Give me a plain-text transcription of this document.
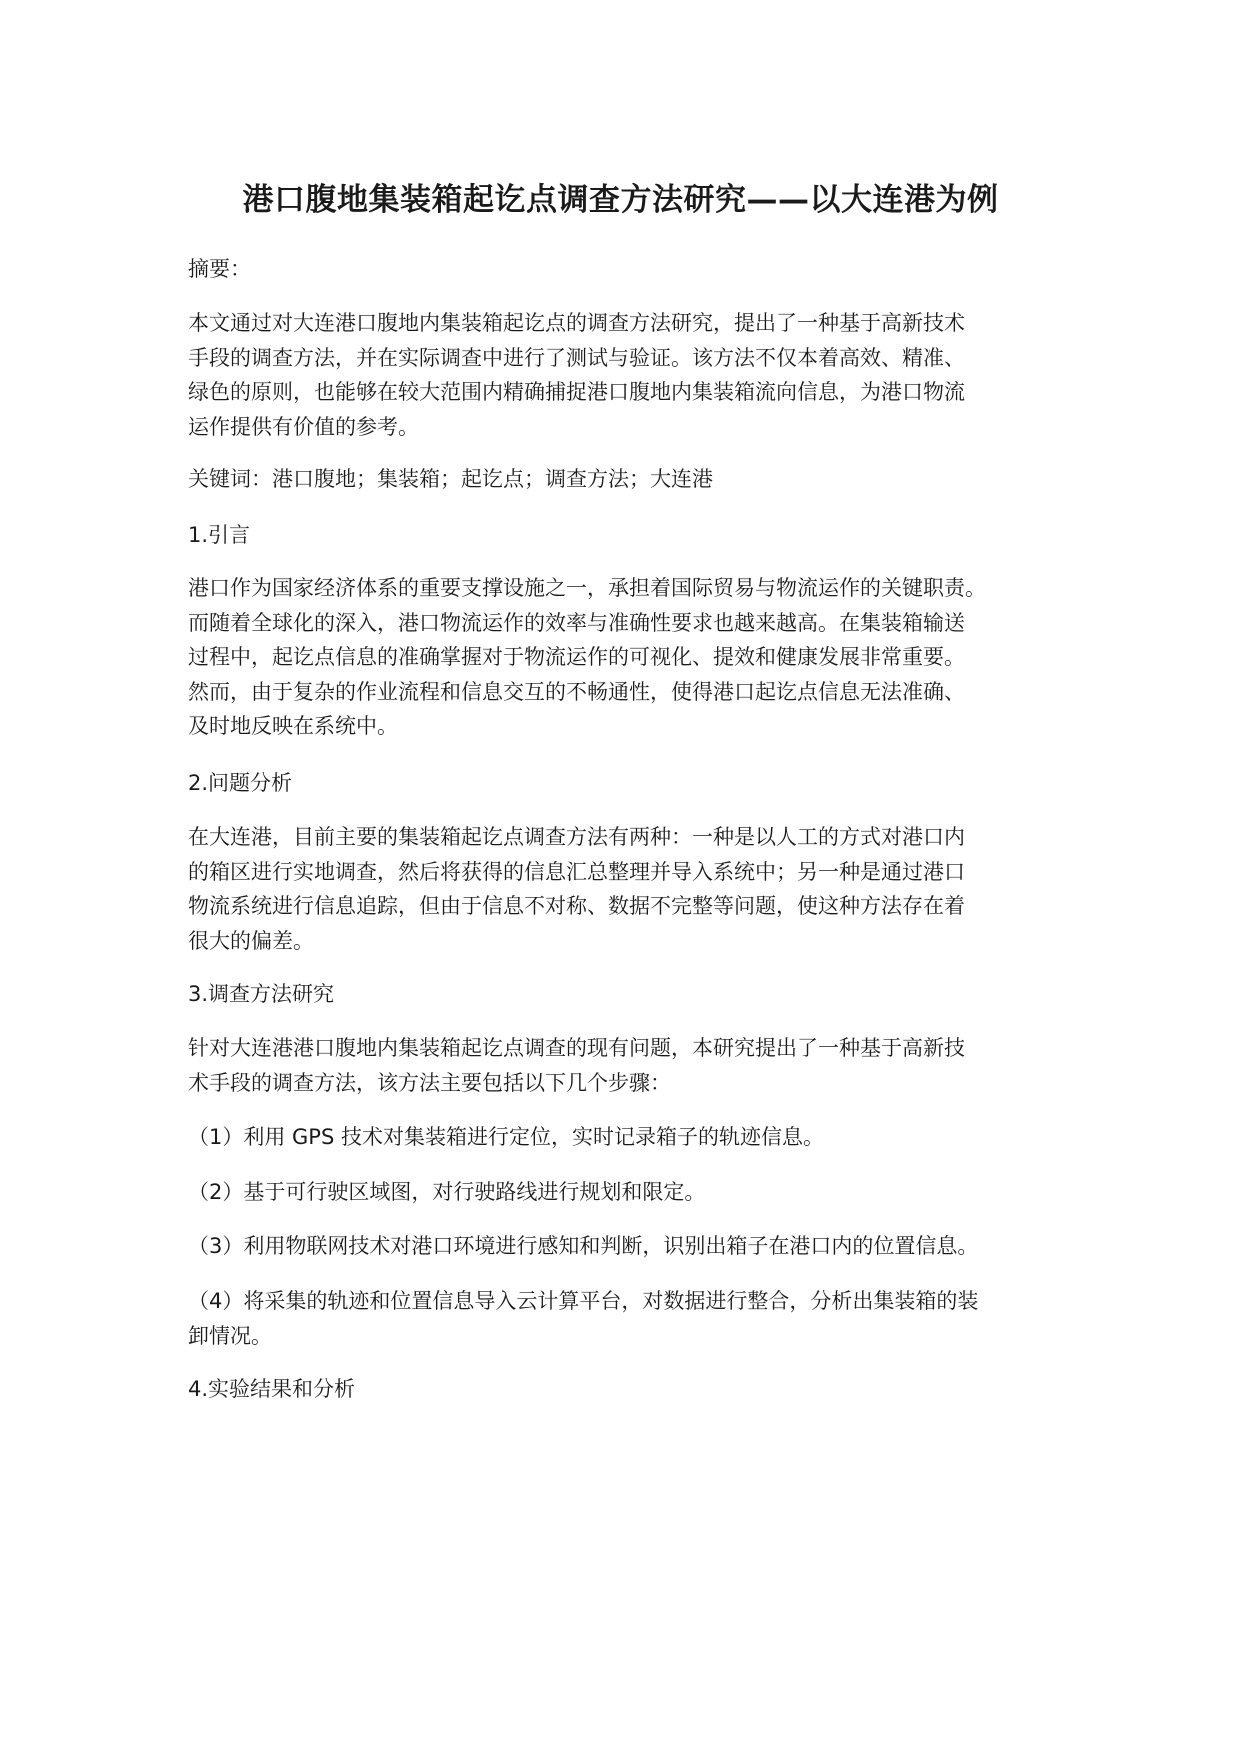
港口腹地集装箱起讫点调查方法研究——以大连港为例

摘要：

本文通过对大连港口腹地内集装箱起讫点的调查方法研究，提出了一种基于高新技术
手段的调查方法，并在实际调查中进行了测试与验证。该方法不仅本着高效、精准、
绿色的原则，也能够在较大范围内精确捕捉港口腹地内集装箱流向信息，为港口物流
运作提供有价值的参考。

关键词：港口腹地；集装箱；起讫点；调查方法；大连港

1.引言

港口作为国家经济体系的重要支撑设施之一，承担着国际贸易与物流运作的关键职责。
而随着全球化的深入，港口物流运作的效率与准确性要求也越来越高。在集装箱输送
过程中，起讫点信息的准确掌握对于物流运作的可视化、提效和健康发展非常重要。
然而，由于复杂的作业流程和信息交互的不畅通性，使得港口起讫点信息无法准确、
及时地反映在系统中。

2.问题分析

在大连港，目前主要的集装箱起讫点调查方法有两种：一种是以人工的方式对港口内
的箱区进行实地调查，然后将获得的信息汇总整理并导入系统中；另一种是通过港口
物流系统进行信息追踪，但由于信息不对称、数据不完整等问题，使这种方法存在着
很大的偏差。

3.调查方法研究

针对大连港港口腹地内集装箱起讫点调查的现有问题，本研究提出了一种基于高新技
术手段的调查方法，该方法主要包括以下几个步骤：

（1）利用 GPS 技术对集装箱进行定位，实时记录箱子的轨迹信息。

（2）基于可行驶区域图，对行驶路线进行规划和限定。

（3）利用物联网技术对港口环境进行感知和判断，识别出箱子在港口内的位置信息。

（4）将采集的轨迹和位置信息导入云计算平台，对数据进行整合，分析出集装箱的装
卸情况。

4.实验结果和分析
